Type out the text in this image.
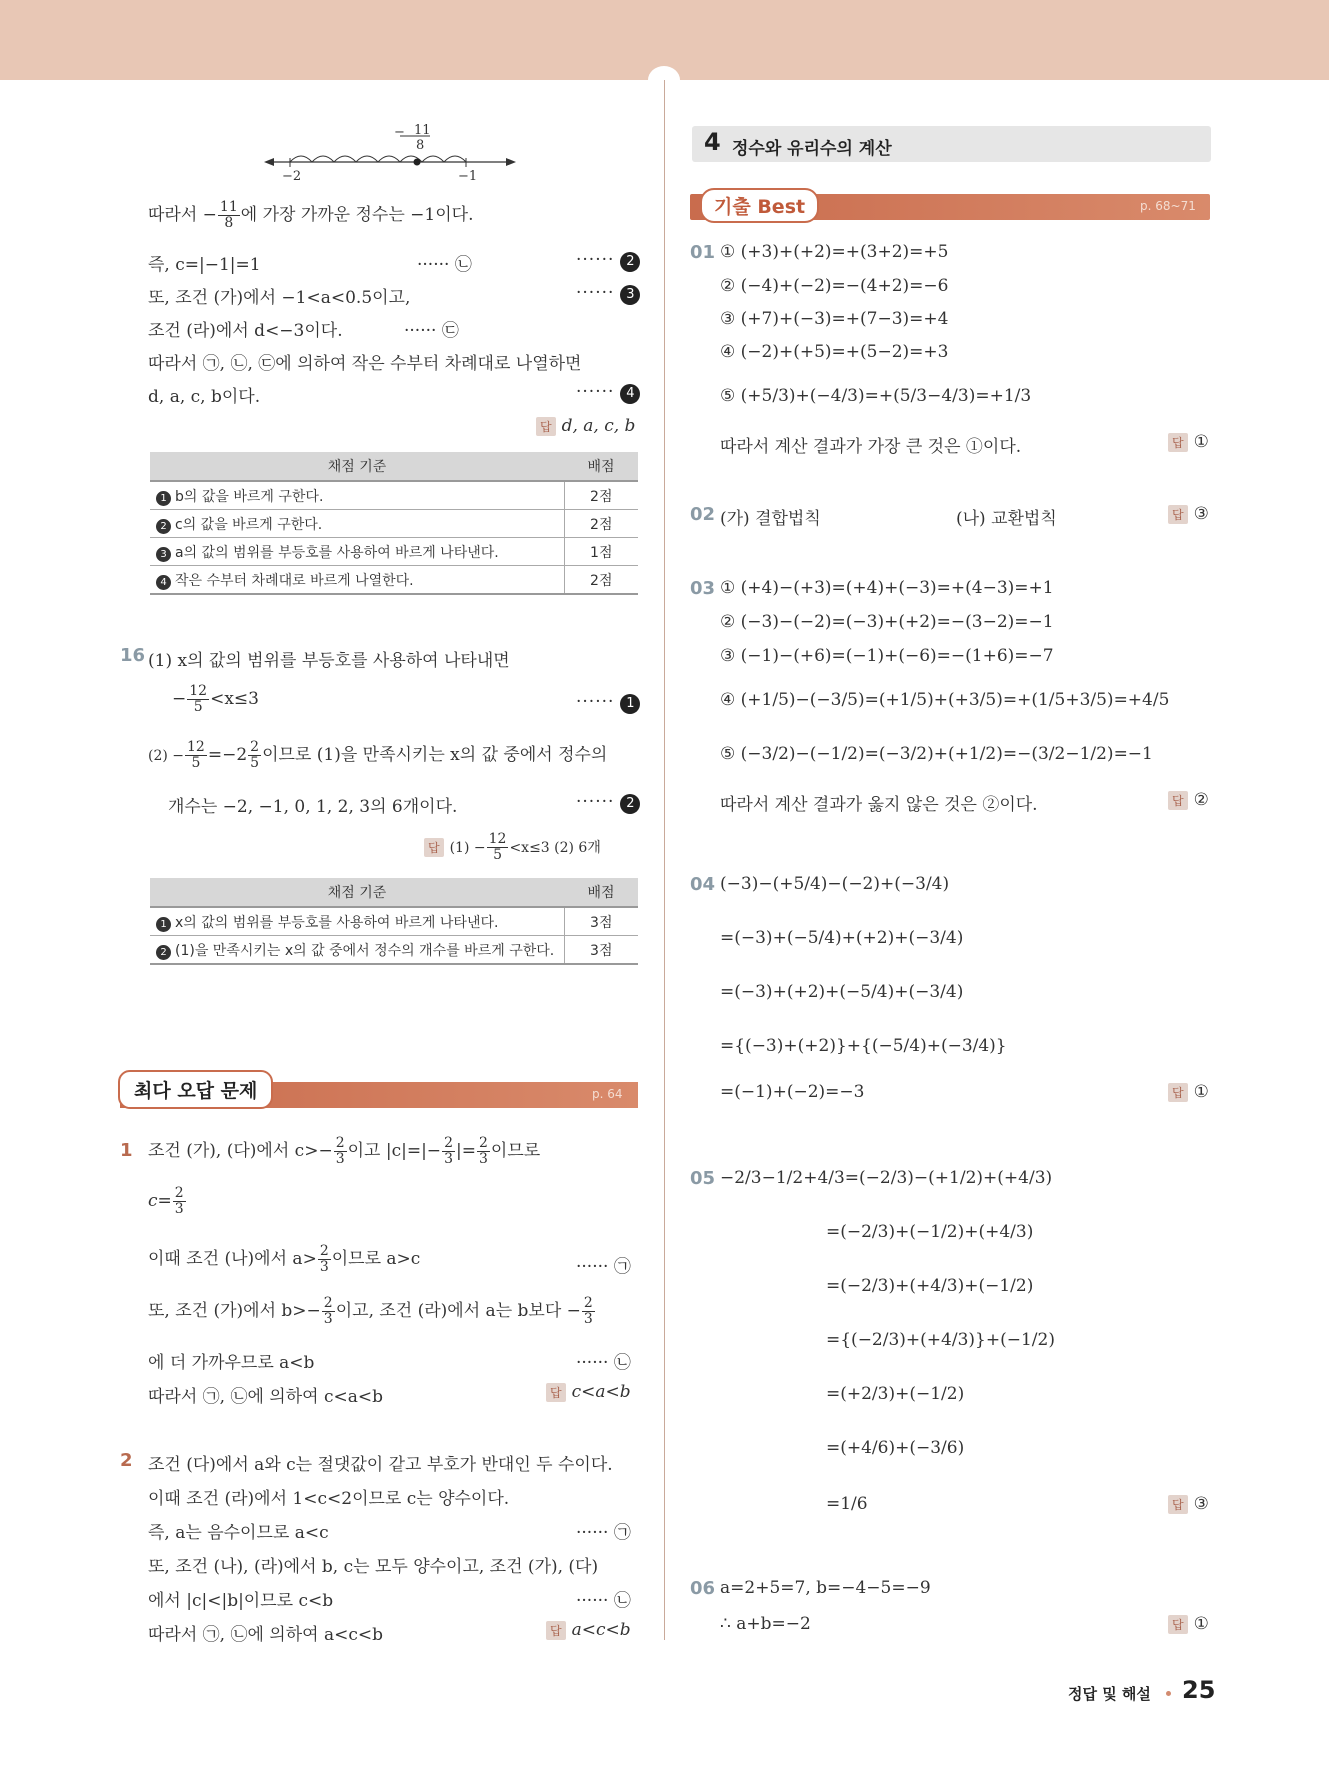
11
−
8
−2	−1
따라서 − $\frac{11}{8}$ 에 가장 가까운 정수는 −1이다.
즉, c=|−1|=1	······ ㉡	······ 2
또, 조건 (가)에서 −1<a<0.5이고,	······ 3
조건 (라)에서 d<−3이다.	······ ㉢
따라서 ㉠, ㉡, ㉢에 의하여 작은 수부터 차례대로 나열하면
d, a, c, b이다.	······ 4
답 d, a, c, b
채점 기준	배점
1 b의 값을 바르게 구한다.	2점
2 c의 값을 바르게 구한다.	2점
3 a의 값의 범위를 부등호를 사용하여 바르게 나타낸다.	1점
4 작은 수부터 차례대로 바르게 나열한다.	2점
16 (1) x의 값의 범위를 부등호를 사용하여 나타내면
− $\frac{12}{5} <x\le 3$	······ 1
$(2) - \frac{12}{5} =-2 \frac{2}{5}$ 이므로 (1)을 만족시키는 x의 값 중에서 정수의
개수는 −2, −1, 0, 1, 2, 3의 6개이다.	······ 2
답 $(1) - \frac{12}{5} <x\le 3$ (2) 6개
채점 기준	배점
1 x의 값의 범위를 부등호를 사용하여 바르게 나타낸다.	3점
2 (1)을 만족시키는 x의 값 중에서 정수의 개수를 바르게 구한다.	3점
최다 오답 문제	p. 64
1 조건 (가), (다)에서 $c>- \frac{2}{3}$ 이고 $|c|=|- \frac{2}{3}$ |= $\frac{2}{3}$ 이므로
$c= \frac{2}{3}$
이때 조건 (나)에서 $a> \frac{2}{3}$ 이므로 a>c	······ ㉠
또, 조건 (가)에서 $b>- \frac{2}{3}$ 이고, 조건 (라)에서 a는 b보다 − $\frac{2}{3}$
에 더 가까우므로 a<b	······ ㉡
따라서 ㉠, ㉡에 의하여 c<a<b	답 c<a<b
2 조건 (다)에서 a와 c는 절댓값이 같고 부호가 반대인 두 수이다.
이때 조건 (라)에서 1<c<2이므로 c는 양수이다.
즉, a는 음수이므로 a<c	······ ㉠
또, 조건 (나), (라)에서 b, c는 모두 양수이고, 조건 (가), (다)
에서 |c|<|b|이므로 c<b	······ ㉡
따라서 ㉠, ㉡에 의하여 a<c<b	답 a<c<b
4 정수와 유리수의 계산
기출 Best	p. 68~71
01 ① (+3)+(+2)=+(3+2)=+5
② (−4)+(−2)=−(4+2)=−6
③ (+7)+(−3)=+(7−3)=+4
④ (−2)+(+5)=+(5−2)=+3
⑤ (+5/3)+(−4/3)=+(5/3−4/3)=+1/3
따라서 계산 결과가 가장 큰 것은 ①이다.	답 ①
02 (가) 결합법칙	(나) 교환법칙	답 ③
03 ① (+4)−(+3)=(+4)+(−3)=+(4−3)=+1
② (−3)−(−2)=(−3)+(+2)=−(3−2)=−1
③ (−1)−(+6)=(−1)+(−6)=−(1+6)=−7
④ (+1/5)−(−3/5)=(+1/5)+(+3/5)=+(1/5+3/5)=+4/5
⑤ (−3/2)−(−1/2)=(−3/2)+(+1/2)=−(3/2−1/2)=−1
따라서 계산 결과가 옳지 않은 것은 ②이다.	답 ②
04 (−3)−(+5/4)−(−2)+(−3/4)
=(−3)+(−5/4)+(+2)+(−3/4)
=(−3)+(+2)+(−5/4)+(−3/4)
={(−3)+(+2)}+{(−5/4)+(−3/4)}
=(−1)+(−2)=−3	답 ①
05 −2/3−1/2+4/3=(−2/3)−(+1/2)+(+4/3)
=(−2/3)+(−1/2)+(+4/3)
=(−2/3)+(+4/3)+(−1/2)
={(−2/3)+(+4/3)}+(−1/2)
=(+2/3)+(−1/2)
=(+4/6)+(−3/6)
=1/6	답 ③
06 a=2+5=7, b=−4−5=−9
∴ a+b=−2	답 ①
정답 및 해설 25
